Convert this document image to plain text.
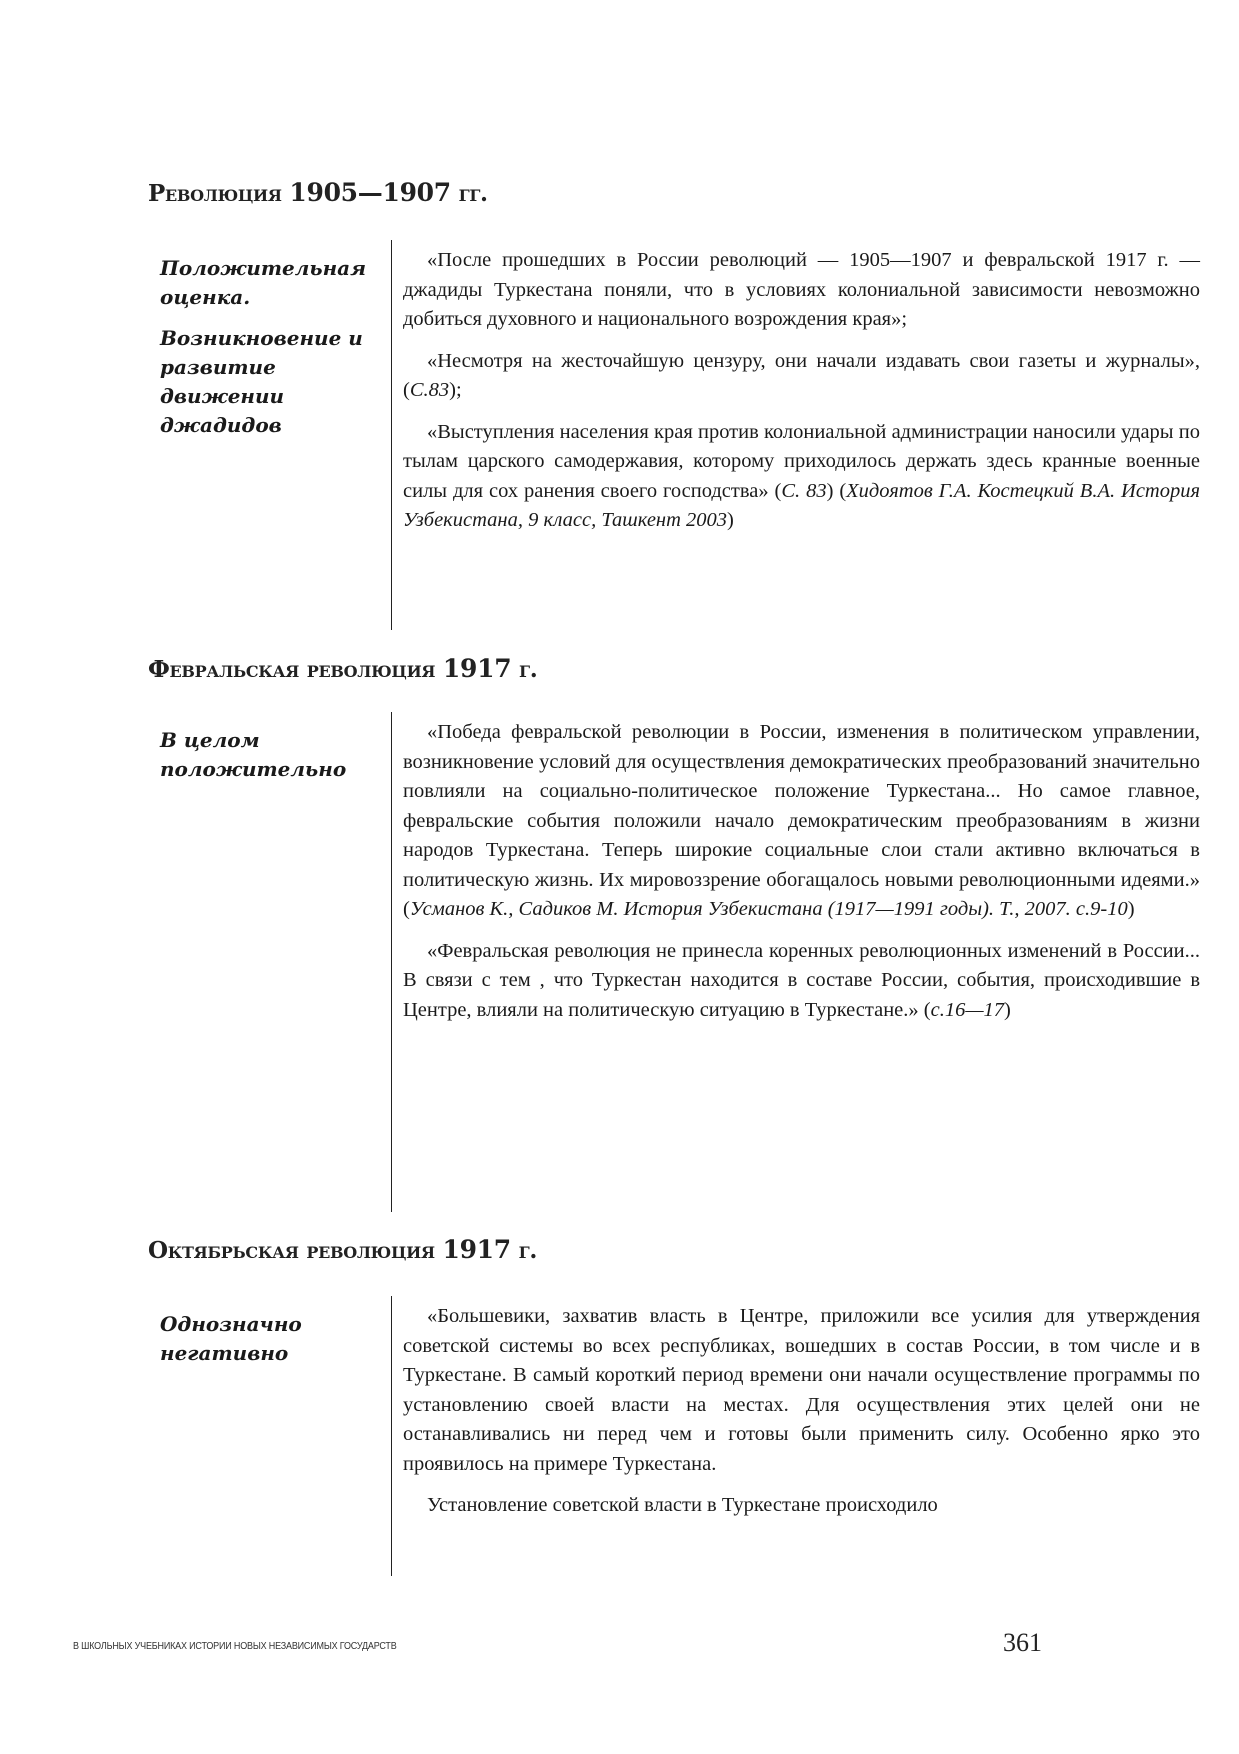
Революция 1905—1907 гг.

Положительная оценка.

Возникновение и развитие движении джадидов

«После прошедших в России революций — 1905—1907 и февральской 1917 г. — джадиды Туркестана поняли, что в условиях колониальной зависимости невозможно добиться духовного и национального возрождения края»;

«Несмотря на жесточайшую цензуру, они начали издавать свои газеты и журналы», (С.83);

«Выступления населения края против колониальной администрации наносили удары по тылам царского самодержавия, которому приходилось держать здесь кранные военные силы для сох ранения своего господства» (С. 83) (Хидоятов Г.А. Костецкий В.А. История Узбекистана, 9 класс, Ташкент 2003)

Февральская революция 1917 г.

В целом положительно

«Победа февральской революции в России, изменения в политическом управлении, возникновение условий для осуществления демократических преобразований значительно повлияли на социально-политическое положение Туркестана... Но самое главное, февральские события положили начало демократическим преобразованиям в жизни народов Туркестана. Теперь широкие социальные слои стали активно включаться в политическую жизнь. Их мировоззрение обогащалось новыми революционными идеями.» (Усманов К., Садиков М. История Узбекистана (1917—1991 годы). Т., 2007. с.9-10)

«Февральская революция не принесла коренных революционных изменений в России... В связи с тем , что Туркестан находится в составе России, события, происходившие в Центре, влияли на политическую ситуацию в Туркестане.» (с.16—17)

Октябрьская революция 1917 г.

Однозначно негативно

«Большевики, захватив власть в Центре, приложили все усилия для утверждения советской системы во всех республиках, вошедших в состав России, в том числе и в Туркестане. В самый короткий период времени они начали осуществление программы по установлению своей власти на местах. Для осуществления этих целей они не останавливались ни перед чем и готовы были применить силу. Особенно ярко это проявилось на примере Туркестана.

Установление советской власти в Туркестане происходило

В ШКОЛЬНЫХ УЧЕБНИКАХ ИСТОРИИ НОВЫХ НЕЗАВИСИМЫХ ГОСУДАРСТВ	361
